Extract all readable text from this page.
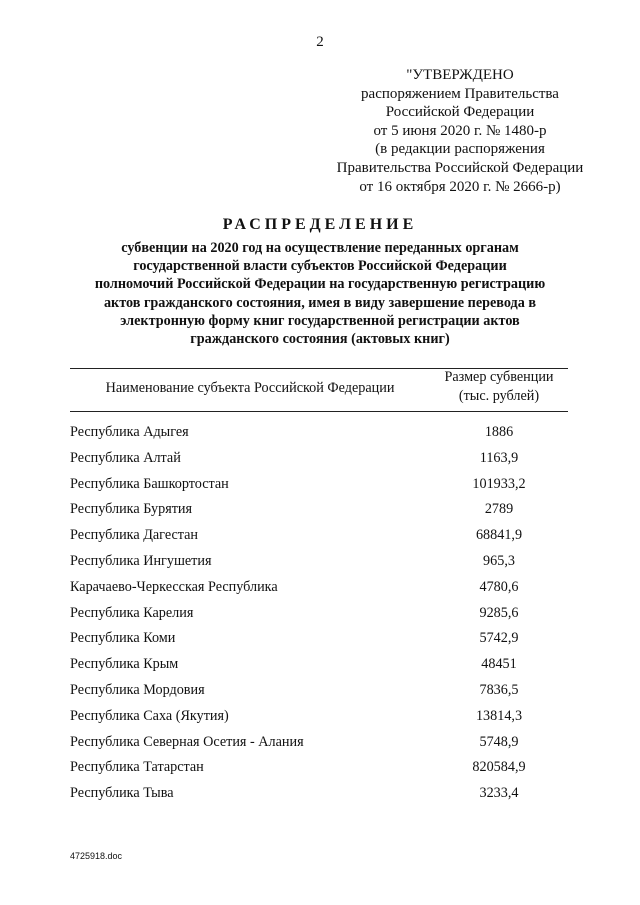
2
"УТВЕРЖДЕНО
распоряжением Правительства
Российской Федерации
от 5 июня 2020 г. № 1480-р
(в редакции распоряжения
Правительства Российской Федерации
от 16 октября 2020 г. № 2666-р)
РАСПРЕДЕЛЕНИЕ
субвенции на 2020 год на осуществление переданных органам
государственной власти субъектов Российской Федерации
полномочий Российской Федерации на государственную регистрацию
актов гражданского состояния, имея в виду завершение перевода в
электронную форму книг государственной регистрации актов
гражданского состояния (актовых книг)
Наименование субъекта Российской Федерации
Размер субвенции
(тыс. рублей)
Республика Адыгея	1886
Республика Алтай	1163,9
Республика Башкортостан	101933,2
Республика Бурятия	2789
Республика Дагестан	68841,9
Республика Ингушетия	965,3
Карачаево-Черкесская Республика	4780,6
Республика Карелия	9285,6
Республика Коми	5742,9
Республика Крым	48451
Республика Мордовия	7836,5
Республика Саха (Якутия)	13814,3
Республика Северная Осетия - Алания	5748,9
Республика Татарстан	820584,9
Республика Тыва	3233,4
4725918.doc
